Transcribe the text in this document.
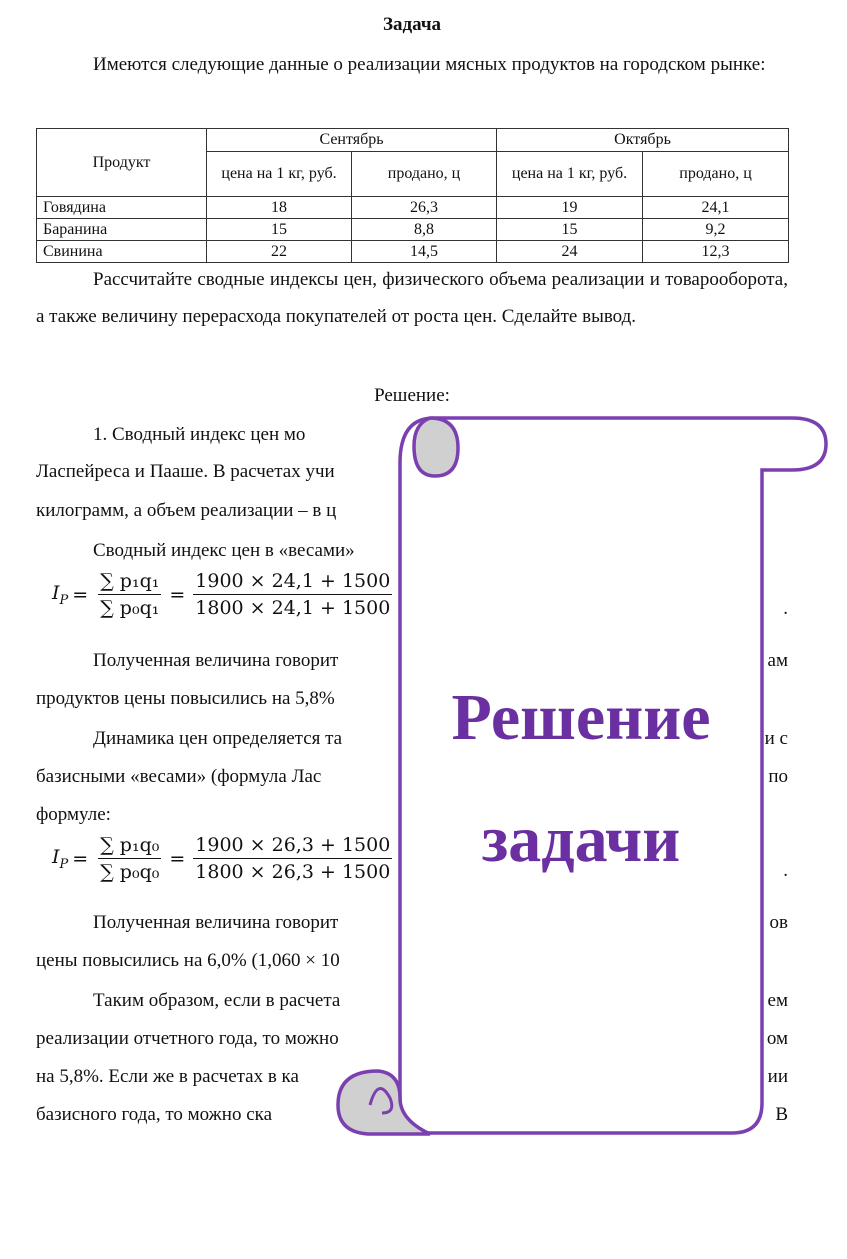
Задача
Имеются следующие данные о реализации мясных продуктов на городском рынке:
Продукт	Сентябрь		Октябрь	
	цена на 1 кг, руб.	продано, ц	цена на 1 кг, руб.	продано, ц
Говядина	18	26,3	19	24,1
Баранина	15	8,8	15	9,2
Свинина	22	14,5	24	12,3
Рассчитайте сводные индексы цен, физического объема реализации и товарооборота, а также величину перерасхода покупателей от роста цен. Сделайте вывод.
Решение:
1. Сводный индекс цен мо
Ласпейреса и Пааше. В расчетах учи
килограмм, а объем реализации – в ц
Сводный индекс цен в «весами»
$I_P = \frac{\text{∑ p₁q₁}}{\text{∑ p₀q₁}} = \frac{1900 \times 24,1 + 1500}{1800 \times 24,1 + 1500}$	.
Полученная величина говорит	ам
продуктов цены повысились на 5,8%
Динамика цен определяется та	и с
базисными «весами» (формула Лас	по
формуле:
$I_P = \frac{\text{∑ p₁q₀}}{\text{∑ p₀q₀}} = \frac{1900 \times 26,3 + 1500}{1800 \times 26,3 + 1500}$	.
Полученная величина говорит	ов
цены повысились на 6,0% (1,060 × 10
Таким образом, если в расчета	ем
реализации отчетного года, то можно	ом
на 5,8%. Если же в расчетах в ка	ии
базисного года, то можно ска	В
Решение
задачи
